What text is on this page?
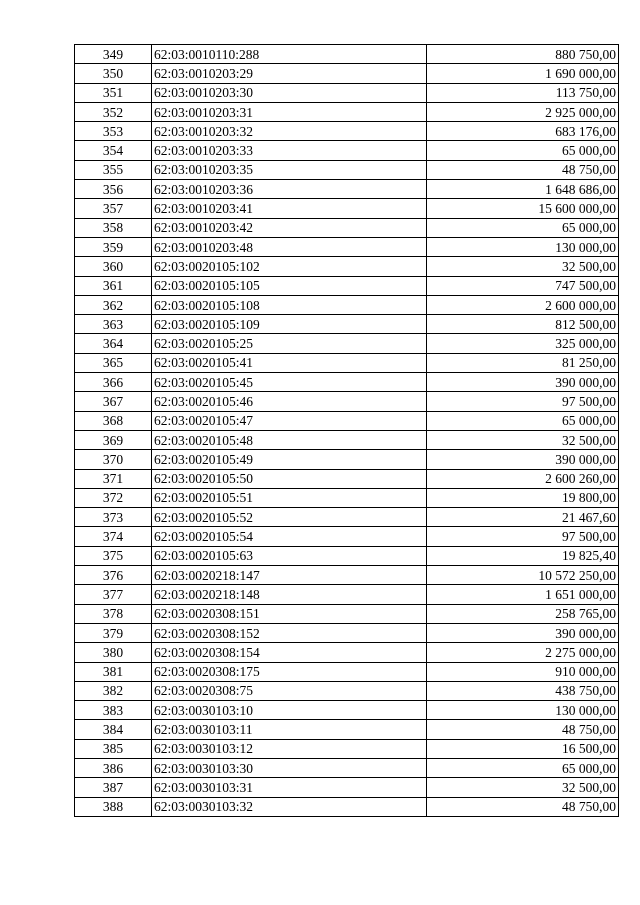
349	62:03:0010110:288	880 750,00
350	62:03:0010203:29	1 690 000,00
351	62:03:0010203:30	113 750,00
352	62:03:0010203:31	2 925 000,00
353	62:03:0010203:32	683 176,00
354	62:03:0010203:33	65 000,00
355	62:03:0010203:35	48 750,00
356	62:03:0010203:36	1 648 686,00
357	62:03:0010203:41	15 600 000,00
358	62:03:0010203:42	65 000,00
359	62:03:0010203:48	130 000,00
360	62:03:0020105:102	32 500,00
361	62:03:0020105:105	747 500,00
362	62:03:0020105:108	2 600 000,00
363	62:03:0020105:109	812 500,00
364	62:03:0020105:25	325 000,00
365	62:03:0020105:41	81 250,00
366	62:03:0020105:45	390 000,00
367	62:03:0020105:46	97 500,00
368	62:03:0020105:47	65 000,00
369	62:03:0020105:48	32 500,00
370	62:03:0020105:49	390 000,00
371	62:03:0020105:50	2 600 260,00
372	62:03:0020105:51	19 800,00
373	62:03:0020105:52	21 467,60
374	62:03:0020105:54	97 500,00
375	62:03:0020105:63	19 825,40
376	62:03:0020218:147	10 572 250,00
377	62:03:0020218:148	1 651 000,00
378	62:03:0020308:151	258 765,00
379	62:03:0020308:152	390 000,00
380	62:03:0020308:154	2 275 000,00
381	62:03:0020308:175	910 000,00
382	62:03:0020308:75	438 750,00
383	62:03:0030103:10	130 000,00
384	62:03:0030103:11	48 750,00
385	62:03:0030103:12	16 500,00
386	62:03:0030103:30	65 000,00
387	62:03:0030103:31	32 500,00
388	62:03:0030103:32	48 750,00
